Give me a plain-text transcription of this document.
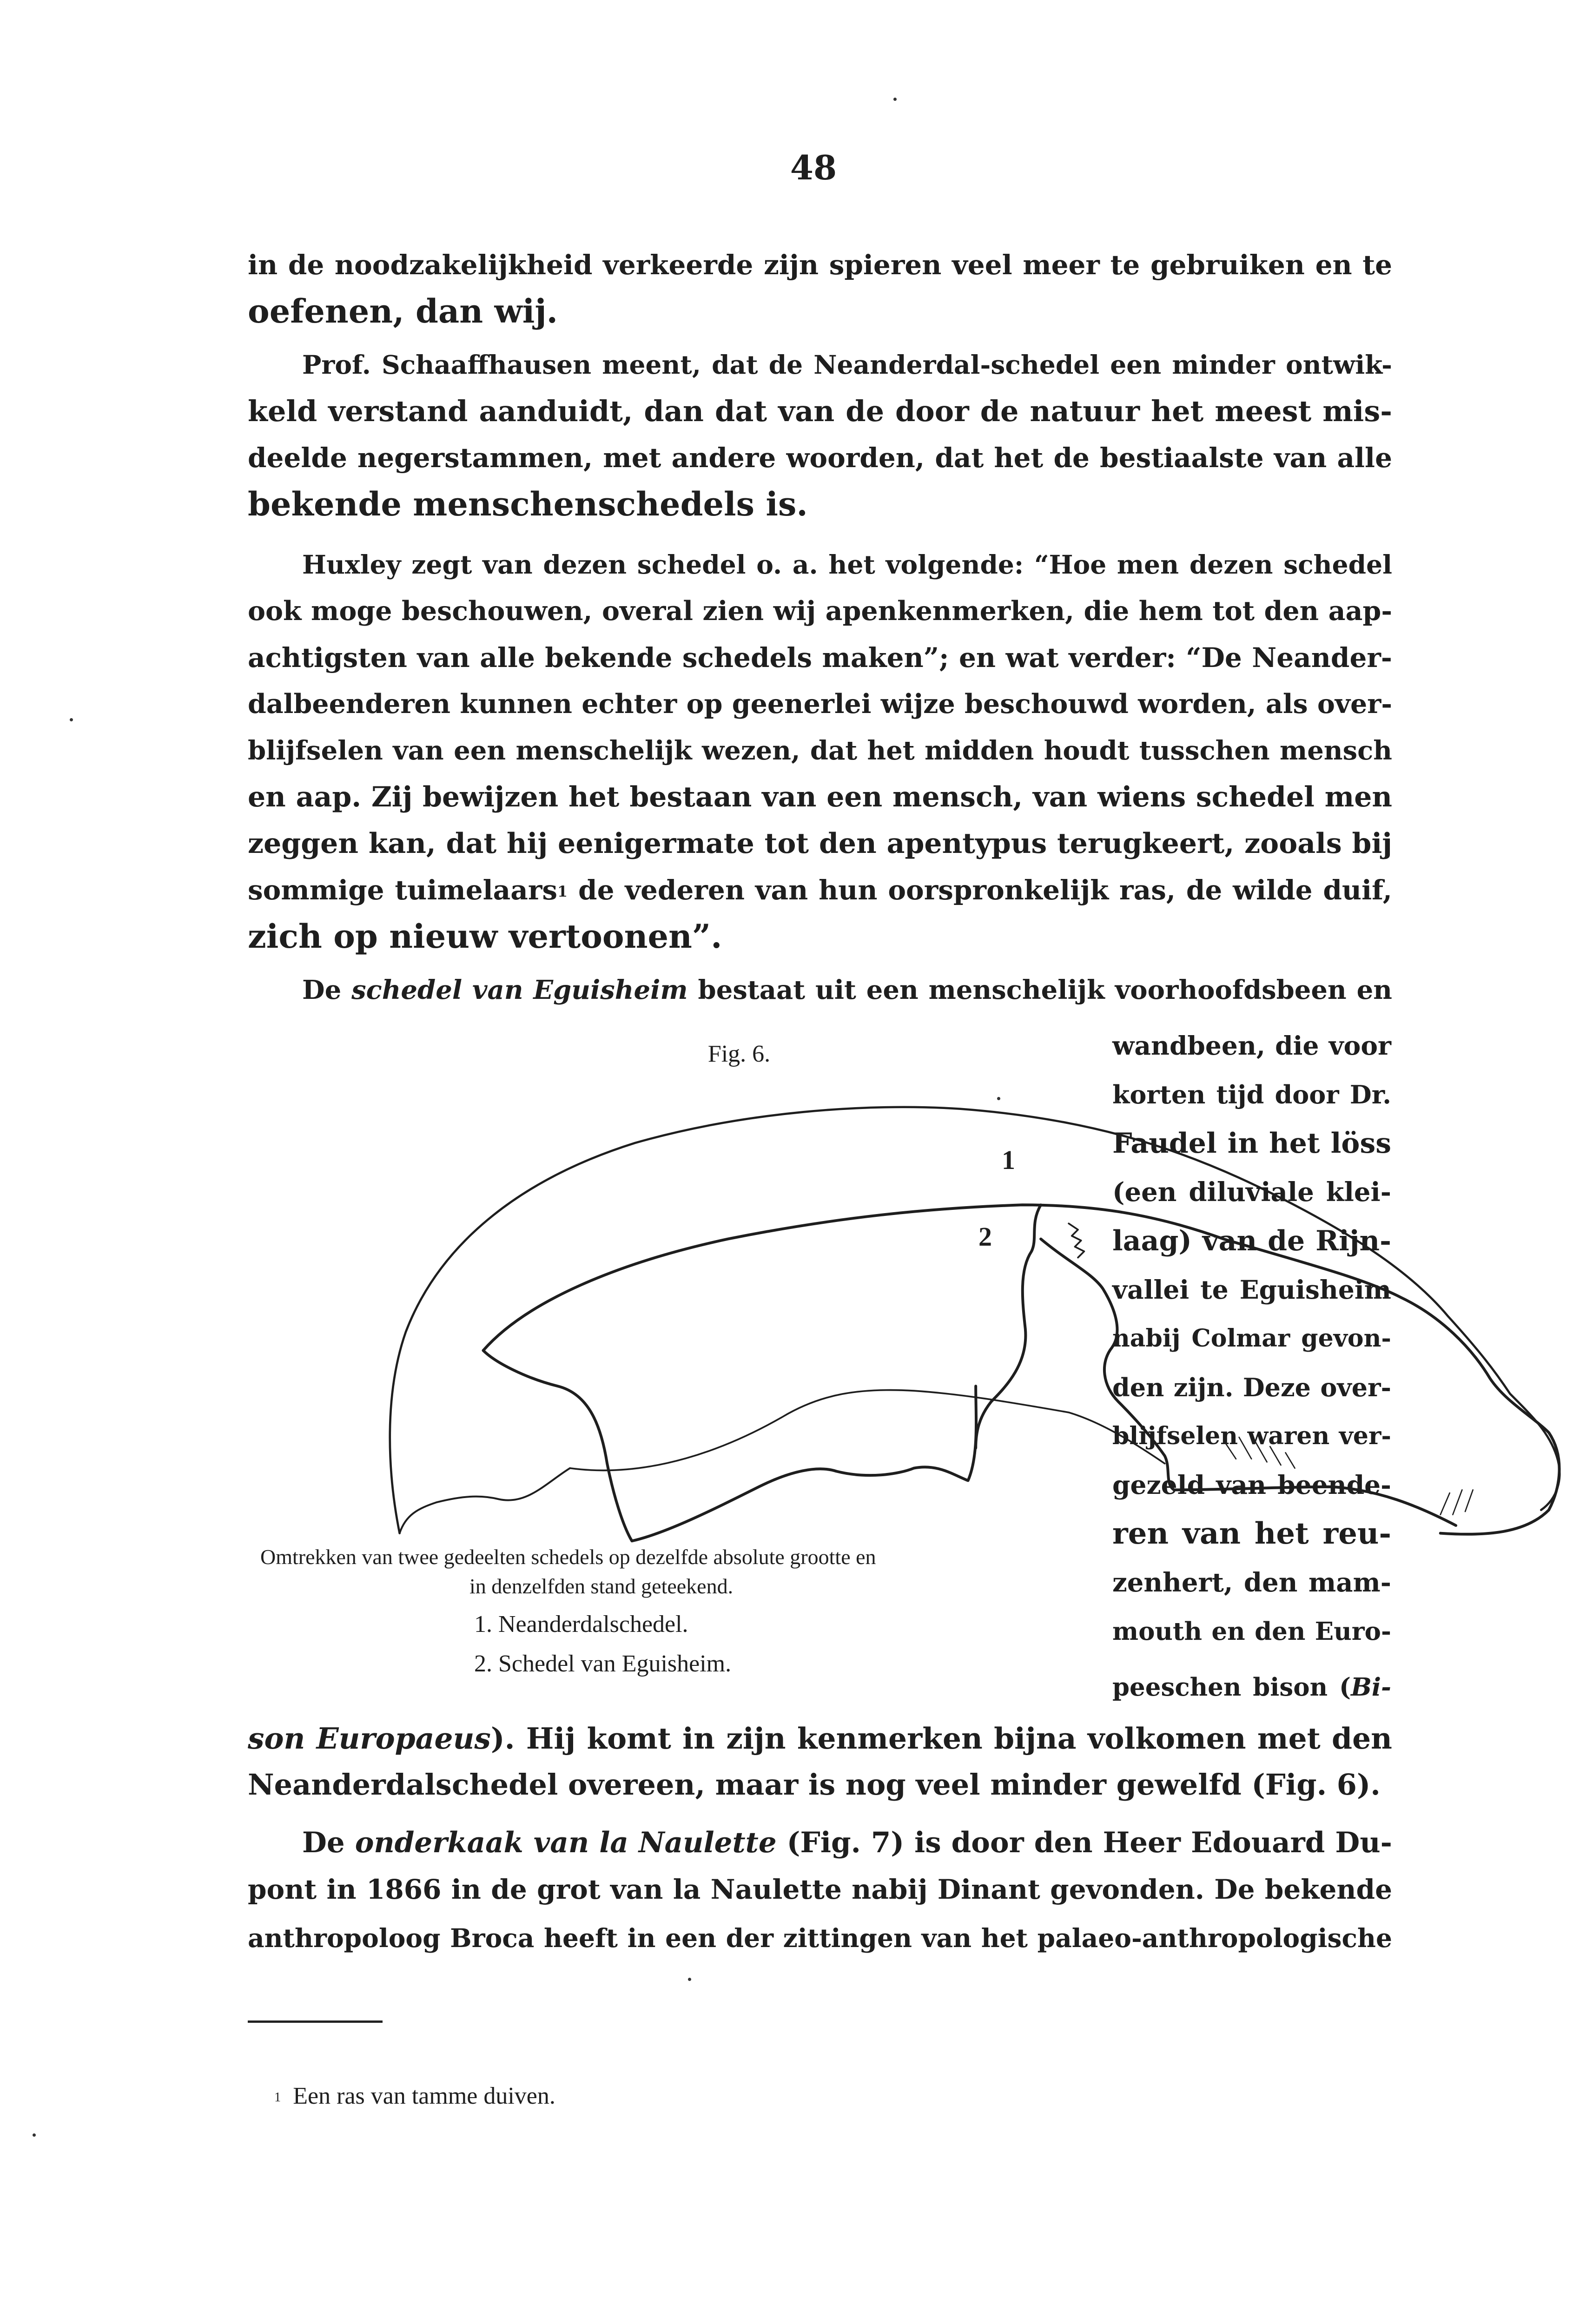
48
in de noodzakelijkheid verkeerde zijn spieren veel meer te gebruiken en te
oefenen, dan wij.
Prof. Schaaffhausen meent, dat de Neanderdal-schedel een minder ontwik-
keld verstand aanduidt, dan dat van de door de natuur het meest mis-
deelde negerstammen, met andere woorden, dat het de bestiaalste van alle
bekende menschenschedels is.
Huxley zegt van dezen schedel o. a. het volgende: “Hoe men dezen schedel
ook moge beschouwen, overal zien wij apenkenmerken, die hem tot den aap-
achtigsten van alle bekende schedels maken”; en wat verder: “De Neander-
dalbeenderen kunnen echter op geenerlei wijze beschouwd worden, als over-
blijfselen van een menschelijk wezen, dat het midden houdt tusschen mensch
en aap. Zij bewijzen het bestaan van een mensch, van wiens schedel men
zeggen kan, dat hij eenigermate tot den apentypus terugkeert, zooals bij
sommige tuimelaars$^1$ de vederen van hun oorspronkelijk ras, de wilde duif,
zich op nieuw vertoonen”.
De schedel van Eguisheim bestaat uit een menschelijk voorhoofdsbeen en
wandbeen, die voor
korten tijd door Dr.
Faudel in het löss
(een diluviale klei-
laag) van de Rijn-
vallei te Eguisheim
nabij Colmar gevon-
den zijn. Deze over-
blijfselen waren ver-
gezeld van beende-
ren van het reu-
zenhert, den mam-
mouth en den Euro-
peeschen bison (Bi-
Fig. 6.
1
2
Omtrekken van twee gedeelten schedels op dezelfde absolute grootte en
in denzelfden stand geteekend.
1. Neanderdalschedel.
2. Schedel van Eguisheim.
son Europaeus). Hij komt in zijn kenmerken bijna volkomen met den
Neanderdalschedel overeen, maar is nog veel minder gewelfd (Fig. 6).
De onderkaak van la Naulette (Fig. 7) is door den Heer Edouard Du-
pont in 1866 in de grot van la Naulette nabij Dinant gevonden. De bekende
anthropoloog Broca heeft in een der zittingen van het palaeo-anthropologische
$^1$ Een ras van tamme duiven.
